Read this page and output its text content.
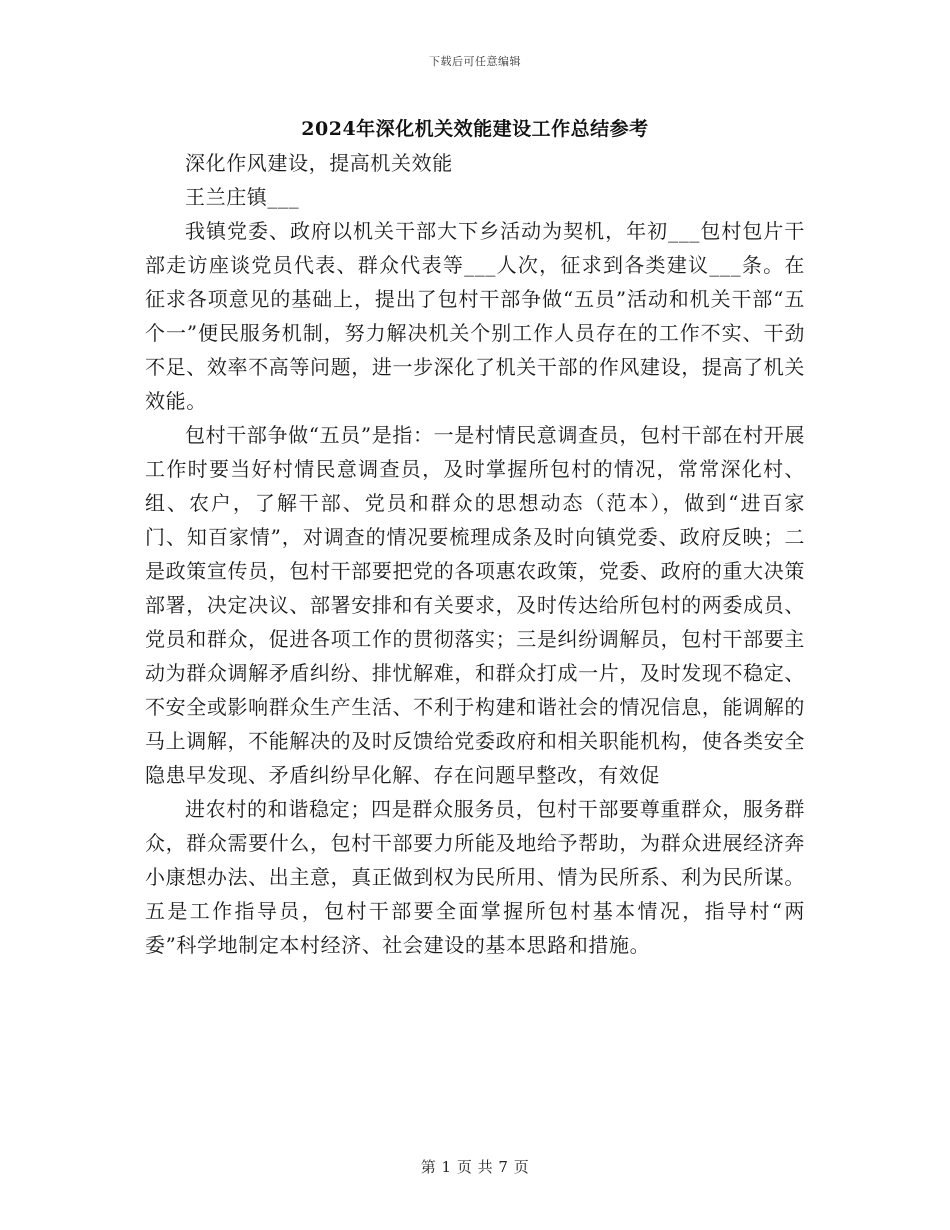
下载后可任意编辑
2024年深化机关效能建设工作总结参考

深化作风建设，提高机关效能

王兰庄镇___

我镇党委、政府以机关干部大下乡活动为契机，年初___包村包片干部走访座谈党员代表、群众代表等___人次，征求到各类建议___条。在征求各项意见的基础上，提出了包村干部争做“五员”活动和机关干部“五个一”便民服务机制，努力解决机关个别工作人员存在的工作不实、干劲不足、效率不高等问题，进一步深化了机关干部的作风建设，提高了机关效能。

包村干部争做“五员”是指：一是村情民意调查员，包村干部在村开展工作时要当好村情民意调查员，及时掌握所包村的情况，常常深化村、组、农户，了解干部、党员和群众的思想动态（范本），做到“进百家门、知百家情”，对调查的情况要梳理成条及时向镇党委、政府反映；二是政策宣传员，包村干部要把党的各项惠农政策，党委、政府的重大决策部署，决定决议、部署安排和有关要求，及时传达给所包村的两委成员、党员和群众，促进各项工作的贯彻落实；三是纠纷调解员，包村干部要主动为群众调解矛盾纠纷、排忧解难，和群众打成一片，及时发现不稳定、不安全或影响群众生产生活、不利于构建和谐社会的情况信息，能调解的马上调解，不能解决的及时反馈给党委政府和相关职能机构，使各类安全隐患早发现、矛盾纠纷早化解、存在问题早整改，有效促

进农村的和谐稳定；四是群众服务员，包村干部要尊重群众，服务群众，群众需要什么，包村干部要力所能及地给予帮助，为群众进展经济奔小康想办法、出主意，真正做到权为民所用、情为民所系、利为民所谋。五是工作指导员，包村干部要全面掌握所包村基本情况，指导村“两委”科学地制定本村经济、社会建设的基本思路和措施。

第 1 页 共 7 页
